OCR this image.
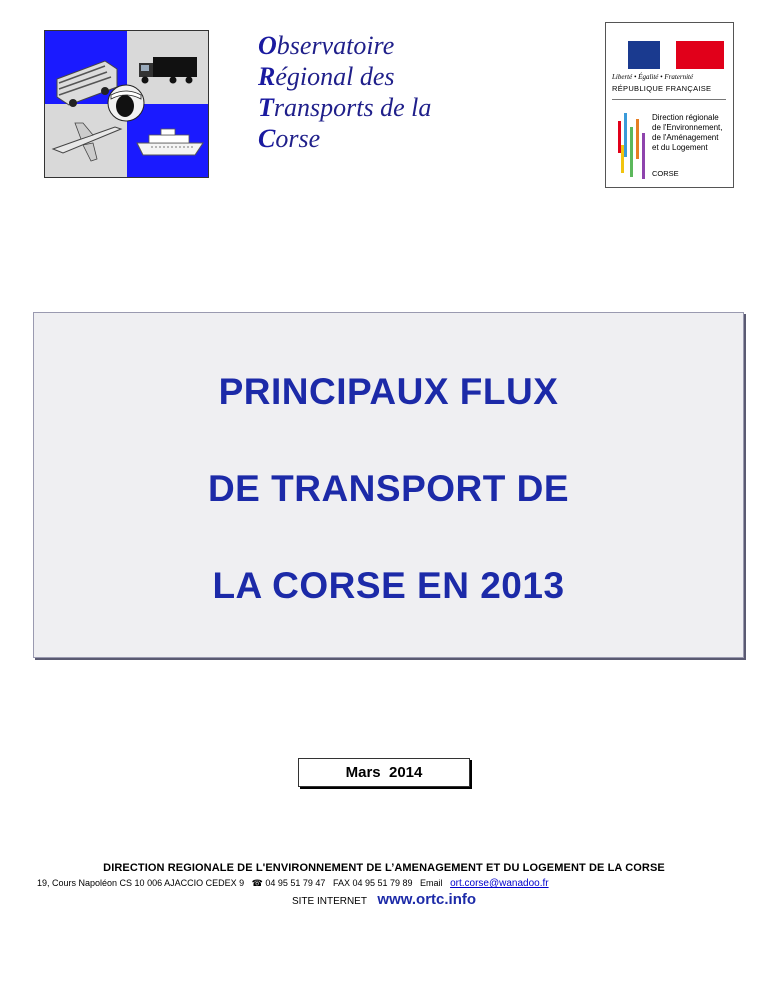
Observatoire
Régional des
Transports de la
Corse
Liberté • Égalité • Fraternité
RÉPUBLIQUE FRANÇAISE
Direction régionale
de l'Environnement,
de l'Aménagement
et du Logement
CORSE
PRINCIPAUX FLUX
DE TRANSPORT DE
LA CORSE EN 2013
Mars  2014
DIRECTION REGIONALE DE L'ENVIRONNEMENT DE L’AMENAGEMENT ET DU LOGEMENT DE LA CORSE
19, Cours Napoléon CS 10 006 AJACCIO CEDEX 9 ☎ 04 95 51 79 47 FAX 04 95 51 79 89 Email ort.corse@wanadoo.fr
SITE INTERNET www.ortc.info
